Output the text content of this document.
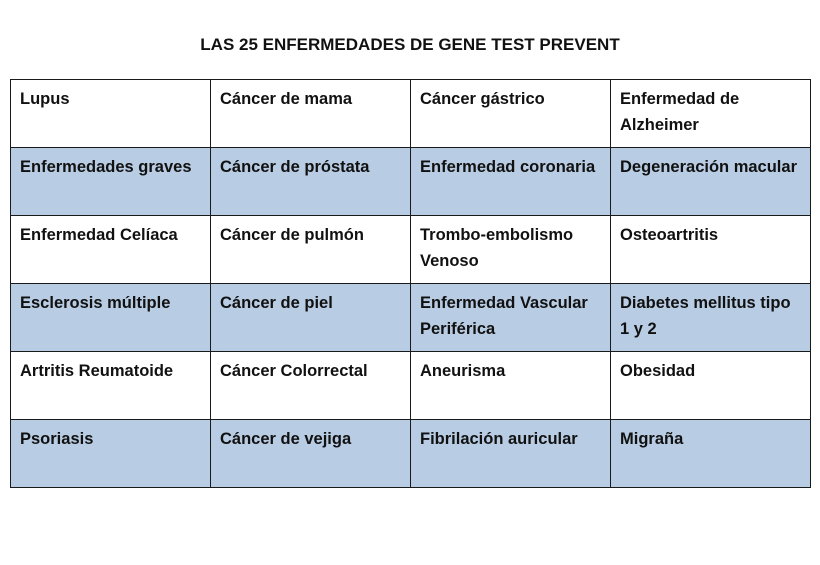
LAS 25 ENFERMEDADES DE GENE TEST PREVENT
Lupus	Cáncer de mama	Cáncer gástrico	Enfermedad de Alzheimer
Enfermedades graves	Cáncer de próstata	Enfermedad coronaria	Degeneración macular
Enfermedad Celíaca	Cáncer de pulmón	Trombo-embolismo Venoso	Osteoartritis
Esclerosis múltiple	Cáncer de piel	Enfermedad Vascular Periférica	Diabetes mellitus tipo 1 y 2
Artritis Reumatoide	Cáncer Colorrectal	Aneurisma	Obesidad
Psoriasis	Cáncer de vejiga	Fibrilación auricular	Migraña
